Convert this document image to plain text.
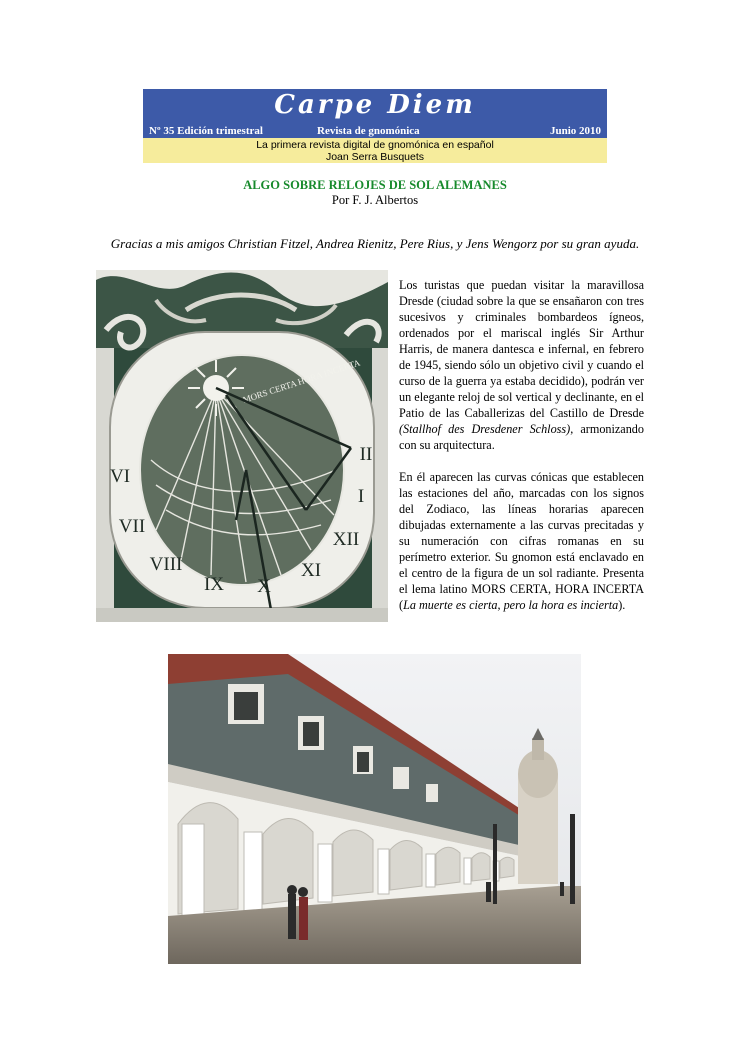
Carpe Diem
Nº 35 Edición trimestral	Revista de gnomónica	Junio 2010
La primera revista digital de gnomónica en español
Joan Serra Busquets
ALGO SOBRE RELOJES DE SOL ALEMANES
Por F. J. Albertos
Gracias a mis amigos Christian Fitzel, Andrea Rienitz, Pere Rius, y Jens Wengorz por su gran ayuda.
MORS CERTA HORA INCERTA
VI
VII
VIII
IX X
XI
XII
I
II

Los turistas que puedan visitar la maravillosa Dresde (ciudad sobre la que se ensañaron con tres sucesivos y criminales bombardeos ígneos, ordenados por el mariscal inglés Sir Arthur Harris, de manera dantesca e infernal, en febrero de 1945, siendo sólo un objetivo civil y cuando el curso de la guerra ya estaba decidido), podrán ver un elegante reloj de sol vertical y declinante, en el Patio de las Caballerizas del Castillo de Dresde (Stallhof des Dresdener Schloss), armonizando con su arquitectura.

En él aparecen las curvas cónicas que establecen las estaciones del año, marcadas con los signos del Zodiaco, las líneas horarias aparecen dibujadas externamente a las curvas precitadas y su numeración con cifras romanas en su perímetro exterior. Su gnomon está enclavado en el centro de la figura de un sol radiante. Presenta el lema latino MORS CERTA, HORA INCERTA (La muerte es cierta, pero la hora es incierta).
